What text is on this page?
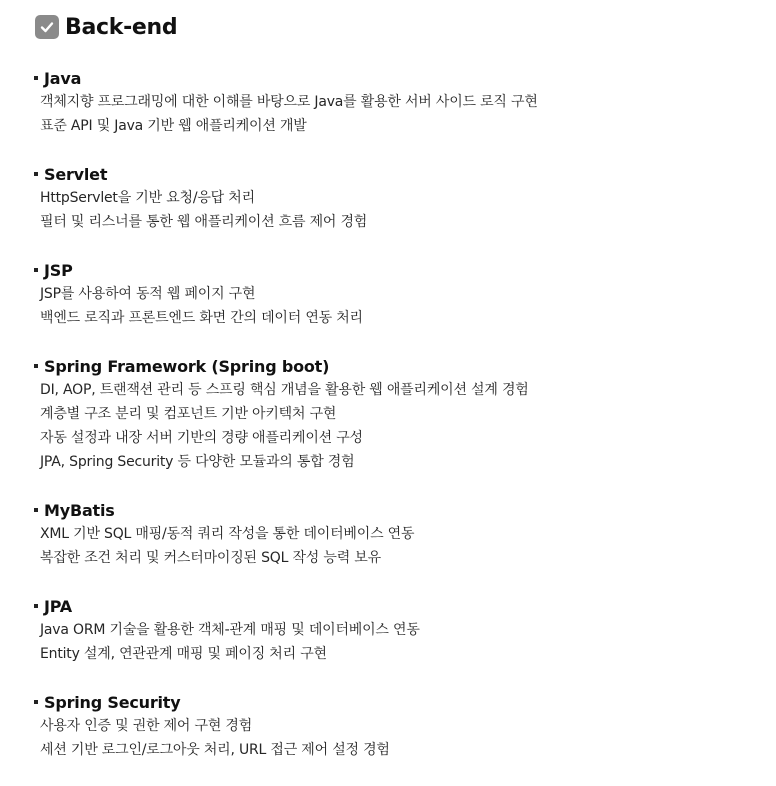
Back-end
Java
객체지향 프로그래밍에 대한 이해를 바탕으로 Java를 활용한 서버 사이드 로직 구현
표준 API 및 Java 기반 웹 애플리케이션 개발
Servlet
HttpServlet을 기반 요청/응답 처리
필터 및 리스너를 통한 웹 애플리케이션 흐름 제어 경험
JSP
JSP를 사용하여 동적 웹 페이지 구현
백엔드 로직과 프론트엔드 화면 간의 데이터 연동 처리
Spring Framework (Spring boot)
DI, AOP, 트랜잭션 관리 등 스프링 핵심 개념을 활용한 웹 애플리케이션 설계 경험
계층별 구조 분리 및 컴포넌트 기반 아키텍처 구현
자동 설정과 내장 서버 기반의 경량 애플리케이션 구성
JPA, Spring Security 등 다양한 모듈과의 통합 경험
MyBatis
XML 기반 SQL 매핑/동적 쿼리 작성을 통한 데이터베이스 연동
복잡한 조건 처리 및 커스터마이징된 SQL 작성 능력 보유
JPA
Java ORM 기술을 활용한 객체-관계 매핑 및 데이터베이스 연동
Entity 설계, 연관관계 매핑 및 페이징 처리 구현
Spring Security
사용자 인증 및 권한 제어 구현 경험
세션 기반 로그인/로그아웃 처리, URL 접근 제어 설정 경험
